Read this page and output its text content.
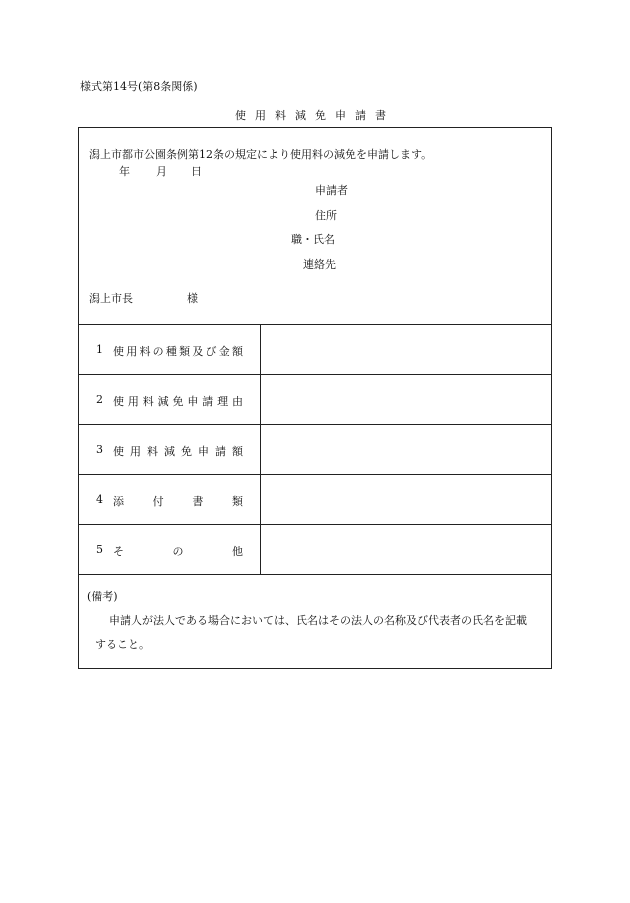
様式第14号(第8条関係)
使用料減免申請書
潟上市都市公園条例第12条の規定により使用料の減免を申請します。
年 月 日
申請者
住所
職・氏名
連絡先
潟上市長	様
1 使 用 料 の 種 類 及 び 金 額
2 使 用 料 減 免 申 請 理 由
3 使 用 料 減 免 申 請 額
4 添	付	書	類
5 そ	の	他
(備考)
申請人が法人である場合においては、氏名はその法人の名称及び代表者の氏名を記載
すること。
